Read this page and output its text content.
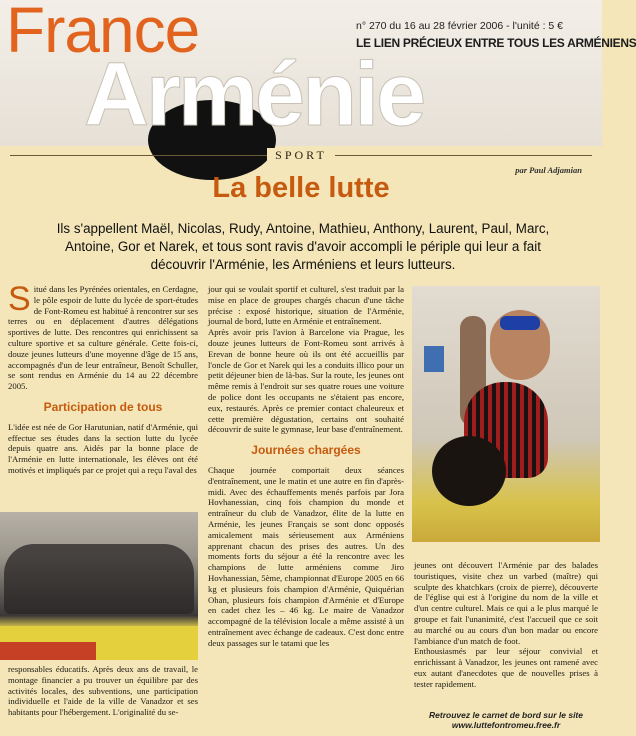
France
Arménie
n° 270 du 16 au 28 février 2006 - l'unité : 5 €
LE LIEN PRÉCIEUX ENTRE TOUS LES ARMÉNIENS
SPORT
par Paul Adjamian
La belle lutte
Ils s'appellent Maël, Nicolas, Rudy, Antoine, Mathieu, Anthony, Laurent, Paul, Marc, Antoine, Gor et Narek, et tous sont ravis d'avoir accompli le périple qui leur a fait découvrir l'Arménie, les Arméniens et leurs lutteurs.

Situé dans les Pyrénées orientales, en Cerdagne, le pôle espoir de lutte du lycée de sport-études de Font-Romeu est habitué à rencontrer sur ses terres ou en déplacement d'autres délégations sportives de lutte. Des rencontres qui enrichissent sa culture sportive et sa culture générale. Cette fois-ci, douze jeunes lutteurs d'une moyenne d'âge de 15 ans, accompagnés d'un de leur entraîneur, Benoît Schuller, se sont rendus en Arménie du 14 au 22 décembre 2005.

Participation de tous

L'idée est née de Gor Harutunian, natif d'Arménie, qui effectue ses études dans la section lutte du lycée depuis quatre ans. Aidés par la bonne place de l'Arménie en lutte internationale, les élèves ont été motivés et impliqués par ce projet qui a reçu l'aval des

responsables éducatifs. Après deux ans de travail, le montage financier a pu trouver un équilibre par des activités locales, des subventions, une participation individuelle et l'aide de la ville de Vanadzor et ses habitants pour l'hébergement. L'originalité du se-

jour qui se voulait sportif et culturel, s'est traduit par la mise en place de groupes chargés chacun d'une tâche précise : exposé historique, situation de l'Arménie, journal de bord, lutte en Arménie et entraînement.

Après avoir pris l'avion à Barcelone via Prague, les douze jeunes lutteurs de Font-Romeu sont arrivés à Erevan de bonne heure où ils ont été accueillis par l'oncle de Gor et Narek qui les a conduits illico pour un petit déjeuner bien de là-bas. Sur la route, les jeunes ont même remis à l'endroit sur ses quatre roues une voiture de police dont les occupants ne s'étaient pas encore, eux, restaurés. Après ce premier contact chaleureux et cette première dégustation, certains ont souhaité découvrir de suite le gymnase, leur base d'entraînement.

Journées chargées

Chaque journée comportait deux séances d'entraînement, une le matin et une autre en fin d'après-midi. Avec des échauffements menés parfois par Jora Hovhanessian, cinq fois champion du monde et entraîneur du club de Vanadzor, élite de la lutte en Arménie, les jeunes Français se sont donc opposés amicalement mais sérieusement aux Arméniens apprenant chacun des prises des autres. Un des moments forts du séjour a été la rencontre avec les champions de lutte arméniens comme Jiro Hovhanessian, 5ème, championnat d'Europe 2005 en 66 kg et plusieurs fois champion d'Arménie, Quiquérian Ohan, plusieurs fois champion d'Arménie et d'Europe en cadet chez les – 46 kg. Le maire de Vanadzor accompagné de la télévision locale a même assisté à un entraînement avec échange de cadeaux. C'est donc entre deux passages sur le tatami que les

jeunes ont découvert l'Arménie par des balades touristiques, visite chez un varbed (maître) qui sculpte des khatchkars (croix de pierre), découverte de l'église qui est à l'origine du nom de la ville et d'un centre culturel. Mais ce qui a le plus marqué le groupe et fait l'unanimité, c'est l'accueil que ce soit au marché ou au cours d'un bon madar ou encore l'ambiance d'un match de foot.

Enthousiasmés par leur séjour convivial et enrichissant à Vanadzor, les jeunes ont ramené avec eux autant d'anecdotes que de nouvelles prises à tester rapidement.

Retrouvez le carnet de bord sur le site
www.luttefontromeu.free.fr
